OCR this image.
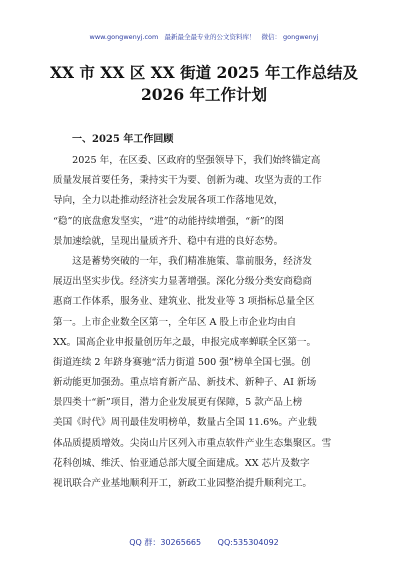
www.gongwenyj.com 最新最全最专业的公文资料库！ 微信： gongwenyj
XX 市 XX 区 XX 街道 2025 年工作总结及
2026 年工作计划
一、2025 年工作回顾
　　2025 年，在区委、区政府的坚强领导下，我们始终锚定高
质量发展首要任务，秉持实干为要、创新为魂、攻坚为责的工作
导向，全力以赴推动经济社会发展各项工作落地见效，
“稳”的底盘愈发坚实，“进”的动能持续增强，“新”的图
景加速绘就，呈现出量质齐升、稳中有进的良好态势。
　　这是蓄势突破的一年，我们精准施策、靠前服务，经济发
展迈出坚实步伐。经济实力显著增强。深化分级分类安商稳商
惠商工作体系，服务业、建筑业、批发业等 3 项指标总量全区
第一。上市企业数全区第一，全年区 A 股上市企业均由自
XX。国高企业申报量创历年之最，申报完成率蝉联全区第一。
街道连续 2 年跻身赛驰“活力街道 500 强”榜单全国七强。创
新动能更加强劲。重点培育新产品、新技术、新种子、AI 新场
景四类十“新”项目，潜力企业发展更有保障，5 款产品上榜
美国《时代》周刊最佳发明榜单，数量占全国 11.6%。产业载
体品质提质增效。尖岗山片区列入市重点软件产业生态集聚区。雪
花科创城、维沃、怡亚通总部大厦全面建成。XX 芯片及数字
视讯联合产业基地顺利开工，新政工业园整治提升顺利完工。
QQ 群：30265665 QQ:535304092
